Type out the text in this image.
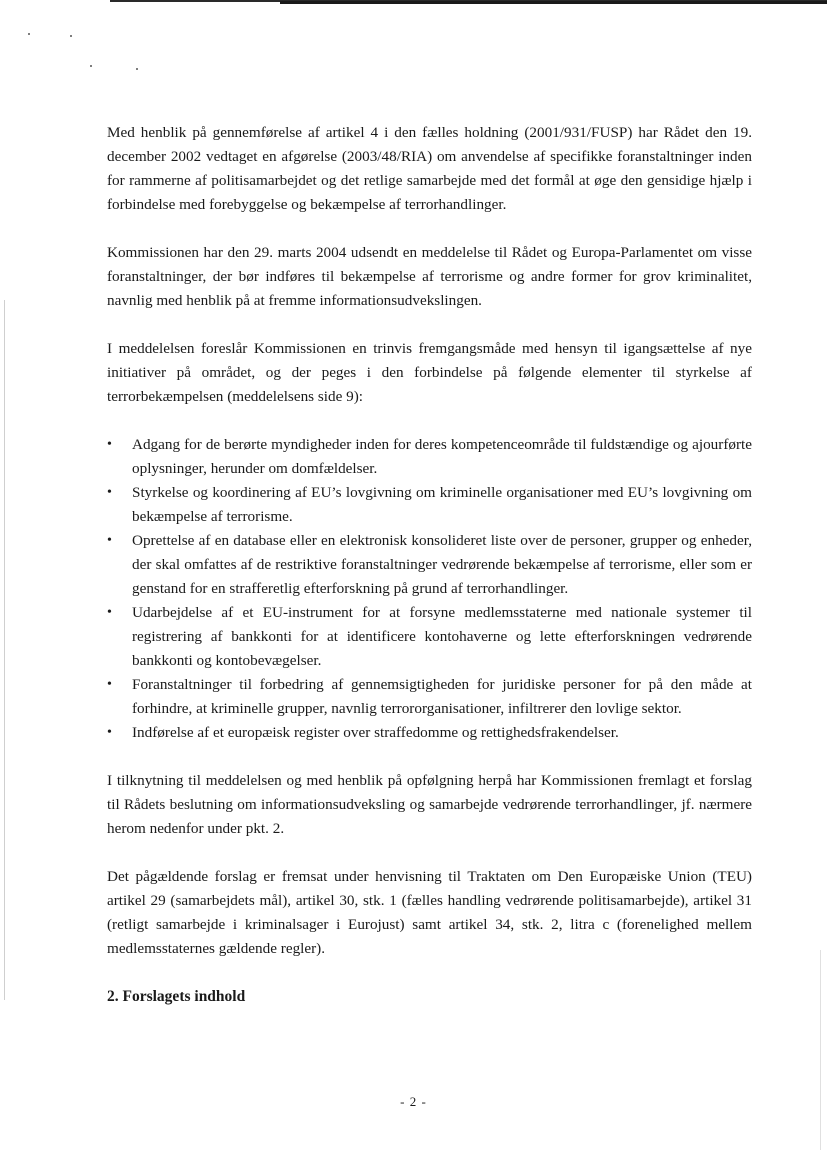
Med henblik på gennemførelse af artikel 4 i den fælles holdning (2001/931/FUSP) har Rådet den 19. december 2002 vedtaget en afgørelse (2003/48/RIA) om anvendelse af specifikke foranstaltninger inden for rammerne af politisamarbejdet og det retlige samarbejde med det formål at øge den gensidige hjælp i forbindelse med forebyggelse og bekæmpelse af terrorhandlinger.

Kommissionen har den 29. marts 2004 udsendt en meddelelse til Rådet og Europa-Parlamentet om visse foranstaltninger, der bør indføres til bekæmpelse af terrorisme og andre former for grov kriminalitet, navnlig med henblik på at fremme informationsudvekslingen.

I meddelelsen foreslår Kommissionen en trinvis fremgangsmåde med hensyn til igangsættelse af nye initiativer på området, og der peges i den forbindelse på følgende elementer til styrkelse af terrorbekæmpelsen (meddelelsens side 9):

•	Adgang for de berørte myndigheder inden for deres kompetenceområde til fuldstændige og ajourførte oplysninger, herunder om domfældelser.
•	Styrkelse og koordinering af EU’s lovgivning om kriminelle organisationer med EU’s lovgivning om bekæmpelse af terrorisme.
•	Oprettelse af en database eller en elektronisk konsolideret liste over de personer, grupper og enheder, der skal omfattes af de restriktive foranstaltninger vedrørende bekæmpelse af terrorisme, eller som er genstand for en strafferetlig efterforskning på grund af terrorhandlinger.
•	Udarbejdelse af et EU-instrument for at forsyne medlemsstaterne med nationale systemer til registrering af bankkonti for at identificere kontohaverne og lette efterforskningen vedrørende bankkonti og kontobevægelser.
•	Foranstaltninger til forbedring af gennemsigtigheden for juridiske personer for på den måde at forhindre, at kriminelle grupper, navnlig terrororganisationer, infiltrerer den lovlige sektor.
•	Indførelse af et europæisk register over straffedomme og rettighedsfrakendelser.

I tilknytning til meddelelsen og med henblik på opfølgning herpå har Kommissionen fremlagt et forslag til Rådets beslutning om informationsudveksling og samarbejde vedrørende terrorhandlinger, jf. nærmere herom nedenfor under pkt. 2.

Det pågældende forslag er fremsat under henvisning til Traktaten om Den Europæiske Union (TEU) artikel 29 (samarbejdets mål), artikel 30, stk. 1 (fælles handling vedrørende politisamarbejde), artikel 31 (retligt samarbejde i kriminalsager i Eurojust) samt artikel 34, stk. 2, litra c (forenelighed mellem medlemsstaternes gældende regler).

2. Forslagets indhold
- 2 -
